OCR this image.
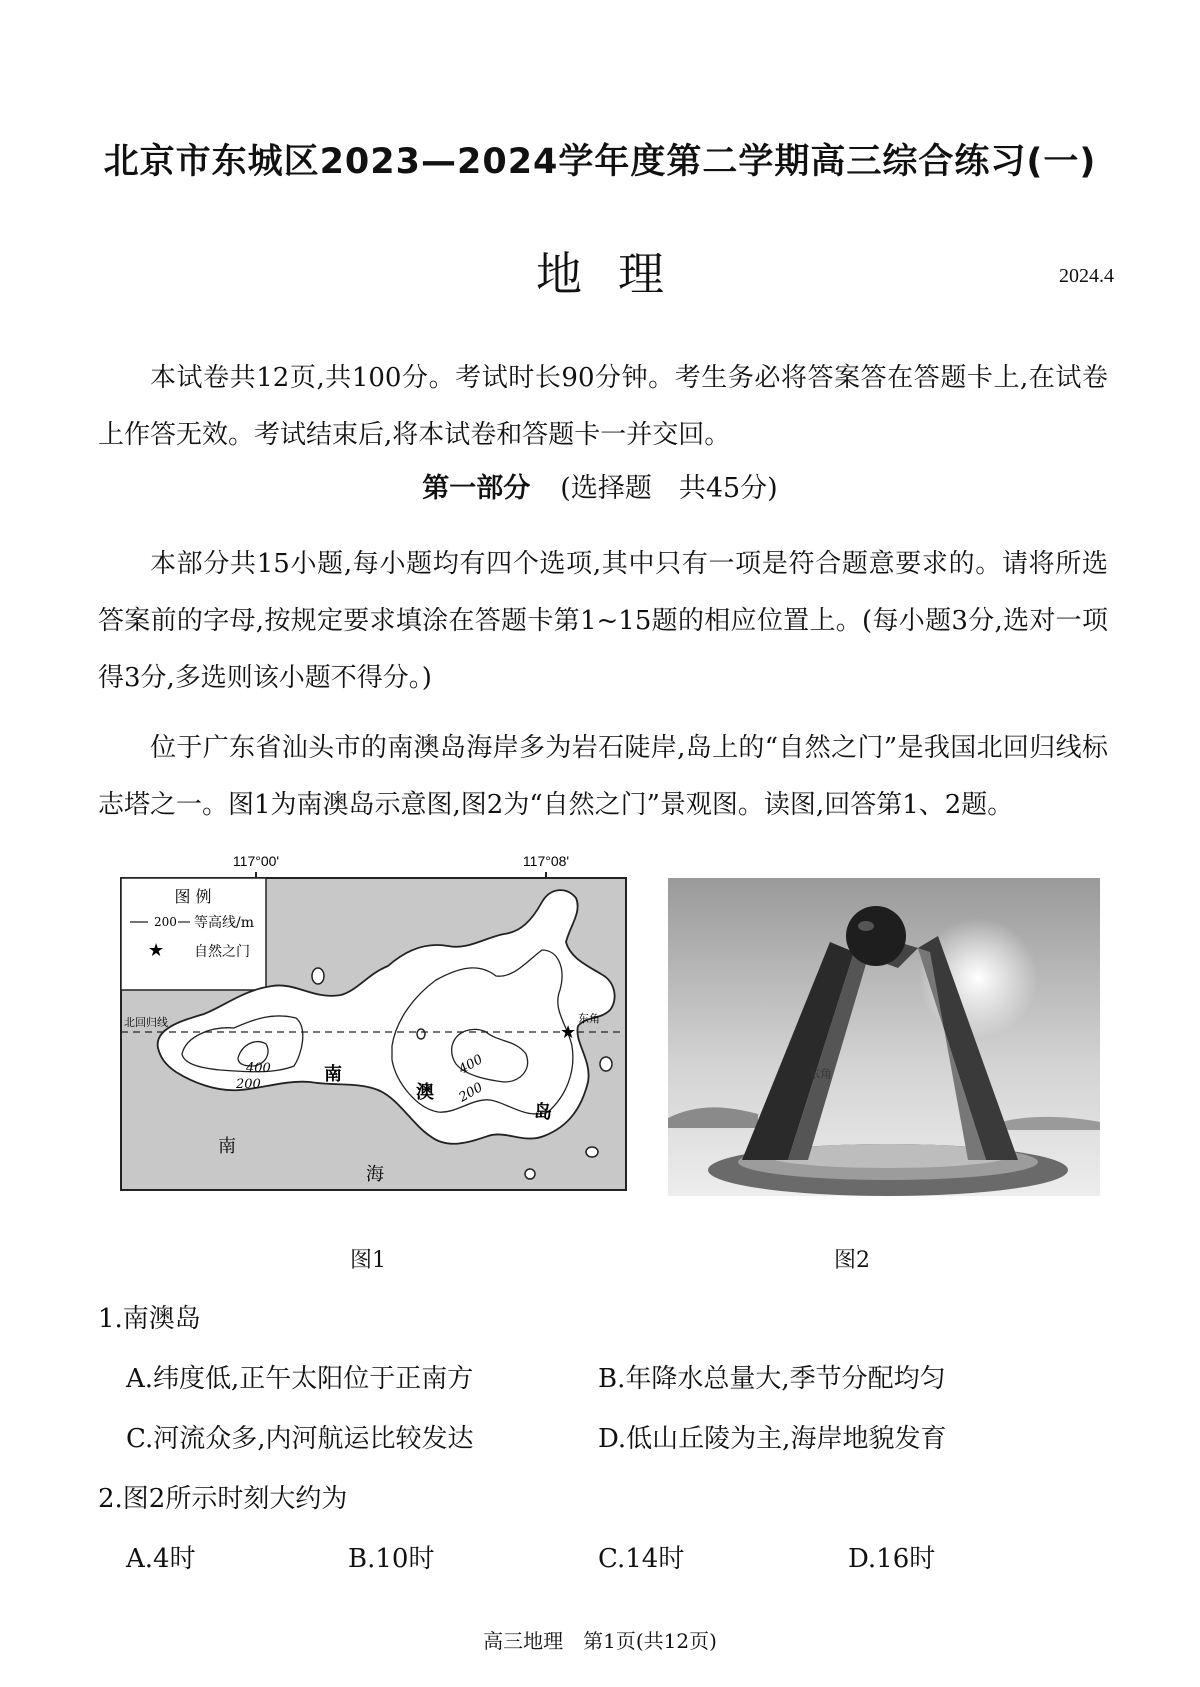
北京市东城区2023—2024学年度第二学期高三综合练习(一)
地理	2024.4
本试卷共12页,共100分。考试时长90分钟。考生务必将答案答在答题卡上,在试卷上作答无效。考试结束后,将本试卷和答题卡一并交回。
第一部分 (选择题　共45分)
本部分共15小题,每小题均有四个选项,其中只有一项是符合题意要求的。请将所选答案前的字母,按规定要求填涂在答题卡第1~15题的相应位置上。(每小题3分,选对一项得3分,多选则该小题不得分。)
位于广东省汕头市的南澳岛海岸多为岩石陡岸,岛上的“自然之门”是我国北回归线标志塔之一。图1为南澳岛示意图,图2为“自然之门”景观图。读图,回答第1、2题。
117°00'	117°08'
图 例
200 等高线/m
★ 自然之门
北回归线	★
东角
200
400	400
200
南
澳
岛
南
海
东角
图1	图2
1.南澳岛
A.纬度低,正午太阳位于正南方	B.年降水总量大,季节分配均匀
C.河流众多,内河航运比较发达	D.低山丘陵为主,海岸地貌发育
2.图2所示时刻大约为
A.4时	B.10时	C.14时	D.16时
高三地理　第1页(共12页)
